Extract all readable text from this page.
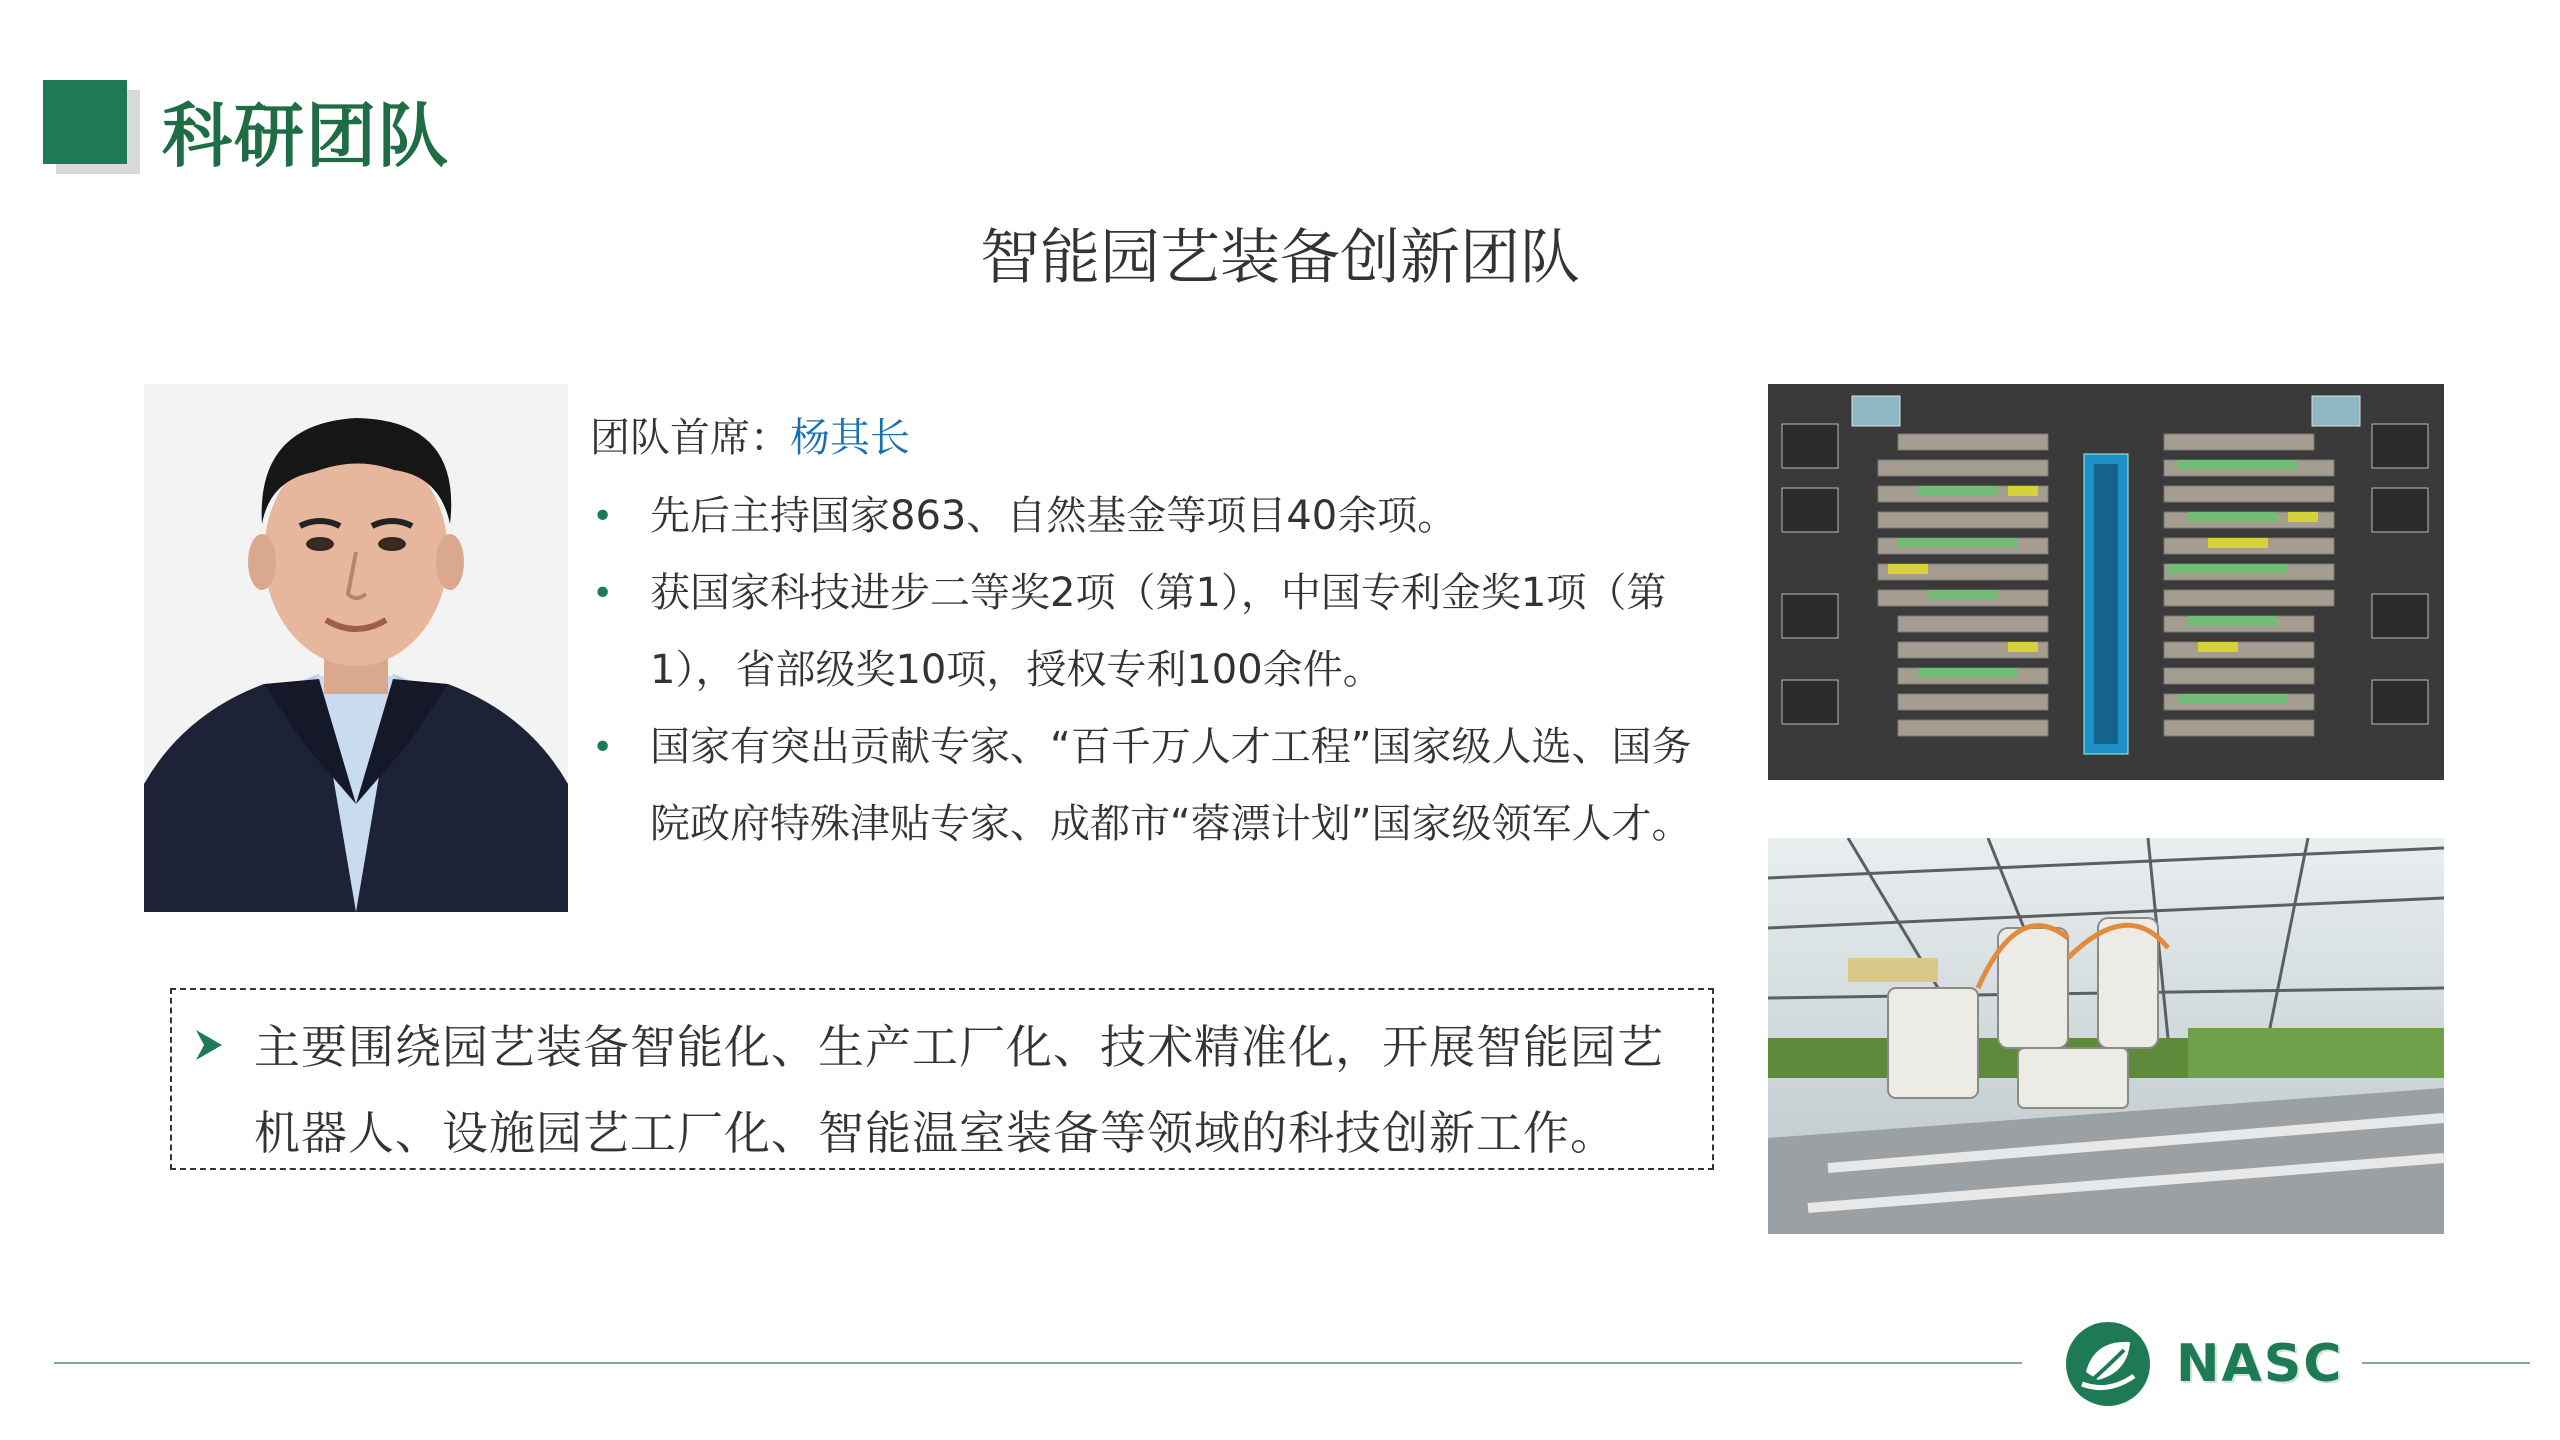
科研团队
智能园艺装备创新团队
团队首席：杨其长
• 先后主持国家863、自然基金等项目40余项。
• 获国家科技进步二等奖2项（第1），中国专利金奖1项（第1），省部级奖10项，授权专利100余件。
• 国家有突出贡献专家、“百千万人才工程”国家级人选、国务院政府特殊津贴专家、成都市“蓉漂计划”国家级领军人才。
主要围绕园艺装备智能化、生产工厂化、技术精准化，开展智能园艺机器人、设施园艺工厂化、智能温室装备等领域的科技创新工作。
NASC
